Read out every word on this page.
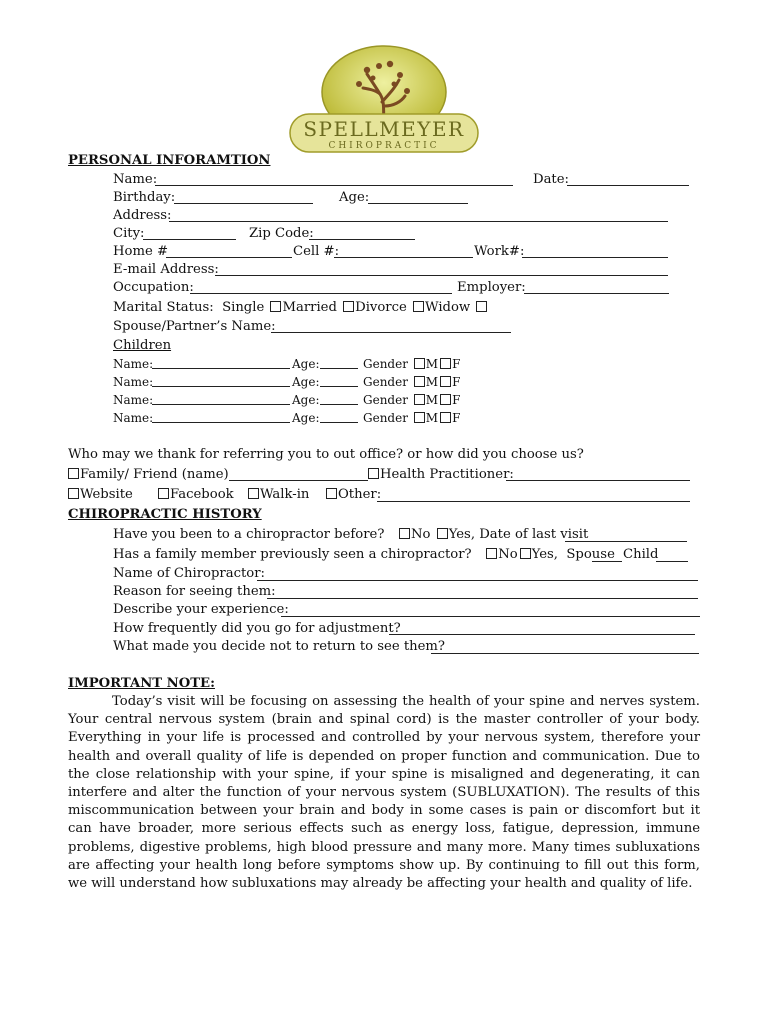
SPELLMEYER
CHIROPRACTIC
PERSONAL INFORAMTION
Name:	Date:
Birthday:	Age:
Address:
City:	Zip Code:
Home #	Cell #:	Work#:
E-mail Address:
Occupation:	Employer:
Marital Status: Single Married Divorce Widow
Spouse/Partner’s Name:
Children
Name:	Age:	Gender M F
Name:	Age:	Gender M F
Name:	Age:	Gender M F
Name:	Age:	Gender M F
Who may we thank for referring you to out office? or how did you choose us?
Family/ Friend (name)	Health Practitioner:
Website	Facebook	Walk-in	Other:
CHIROPRACTIC HISTORY
Have you been to a chiropractor before? No Yes, Date of last visit
Has a family member previously seen a chiropractor? No Yes, Spouse Child
Name of Chiropractor:
Reason for seeing them:
Describe your experience:
How frequently did you go for adjustment?
What made you decide not to return to see them?
IMPORTANT NOTE:

Today’s visit will be focusing on assessing the health of your spine and nerves system. Your central nervous system (brain and spinal cord) is the master controller of your body. Everything in your life is processed and controlled by your nervous system, therefore your health and overall quality of life is depended on proper function and communication. Due to the close relationship with your spine, if your spine is misaligned and degenerating, it can interfere and alter the function of your nervous system (SUBLUXATION). The results of this miscommunication between your brain and body in some cases is pain or discomfort but it can have broader, more serious effects such as energy loss, fatigue, depression, immune problems, digestive problems, high blood pressure and many more. Many times subluxations are affecting your health long before symptoms show up. By continuing to fill out this form, we will understand how subluxations may already be affecting your health and quality of life.
